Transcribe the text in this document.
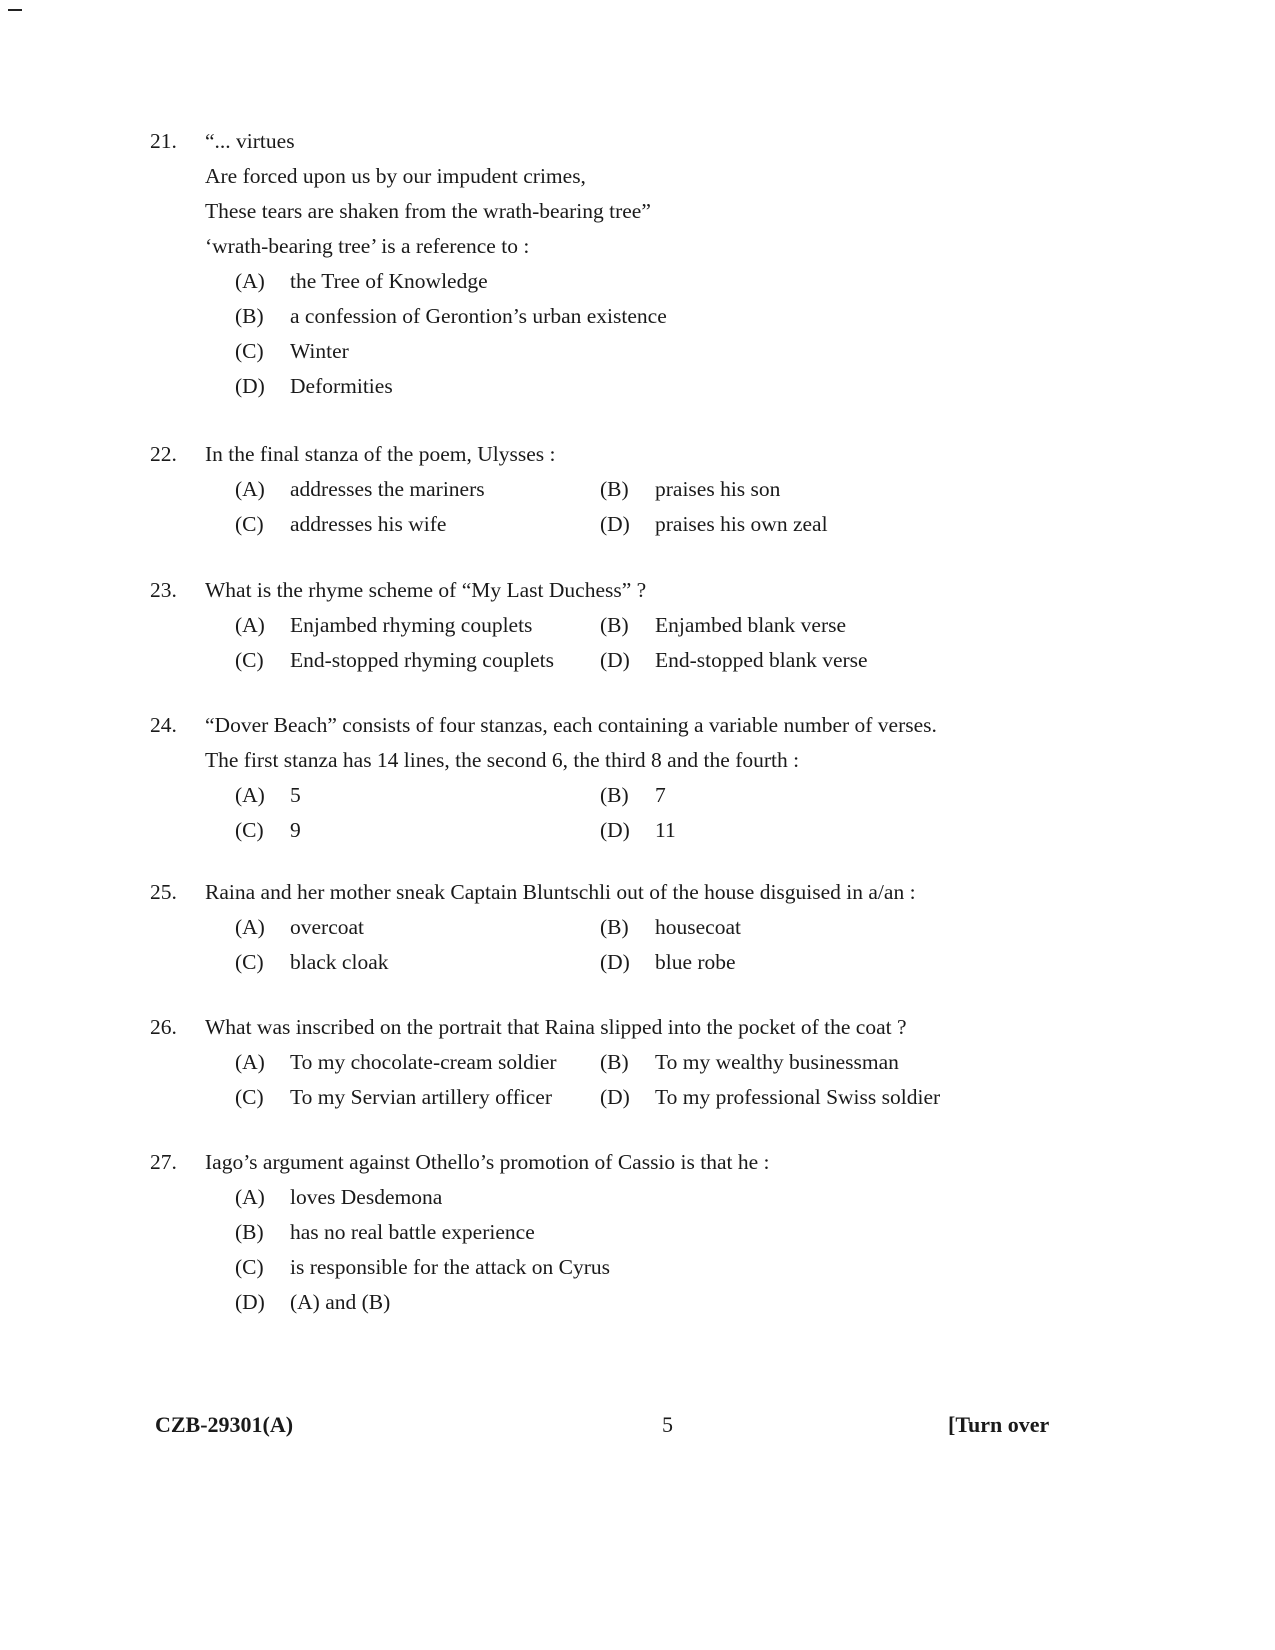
21.	“... virtues
Are forced upon us by our impudent crimes,
These tears are shaken from the wrath-bearing tree”
‘wrath-bearing tree’ is a reference to :
(A) the Tree of Knowledge
(B) a confession of Gerontion’s urban existence
(C) Winter
(D) Deformities
22.	In the final stanza of the poem, Ulysses :
(A) addresses the mariners	(B) praises his son
(C) addresses his wife	(D) praises his own zeal
23.	What is the rhyme scheme of “My Last Duchess” ?
(A) Enjambed rhyming couplets	(B) Enjambed blank verse
(C) End-stopped rhyming couplets (D) End-stopped blank verse
24.	“Dover Beach” consists of four stanzas, each containing a variable number of verses.
The first stanza has 14 lines, the second 6, the third 8 and the fourth :
(A) 5	(B) 7
(C) 9	(D) 11
25.	Raina and her mother sneak Captain Bluntschli out of the house disguised in a/an :
(A) overcoat	(B) housecoat
(C) black cloak	(D) blue robe
26.	What was inscribed on the portrait that Raina slipped into the pocket of the coat ?
(A) To my chocolate-cream soldier (B) To my wealthy businessman
(C) To my Servian artillery officer (D) To my professional Swiss soldier
27.	Iago’s argument against Othello’s promotion of Cassio is that he :
(A) loves Desdemona
(B) has no real battle experience
(C) is responsible for the attack on Cyrus
(D) (A) and (B)
CZB-29301(A)	5	[Turn over
